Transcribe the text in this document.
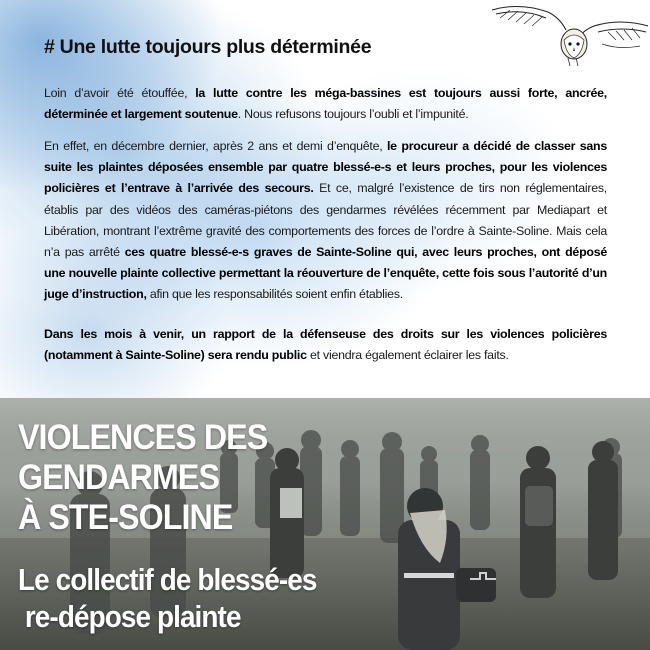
# Une lutte toujours plus déterminée

Loin d’avoir été étouffée, la lutte contre les méga-bassines est toujours aussi forte, ancrée, déterminée et largement soutenue. Nous refusons toujours l’oubli et l’impunité.

En effet, en décembre dernier, après 2 ans et demi d’enquête, le procureur a décidé de classer sans suite les plaintes déposées ensemble par quatre blessé-e-s et leurs proches, pour les violences policières et l’entrave à l’arrivée des secours. Et ce, malgré l’existence de tirs non réglementaires, établis par des vidéos des caméras-piétons des gendarmes révélées récemment par Mediapart et Libération, montrant l’extrême gravité des comportements des forces de l’ordre à Sainte-Soline. Mais cela n’a pas arrêté ces quatre blessé-e-s graves de Sainte-Soline qui, avec leurs proches, ont déposé une nouvelle plainte collective permettant la réouverture de l’enquête, cette fois sous l’autorité d’un juge d’instruction, afin que les responsabilités soient enfin établies.

Dans les mois à venir, un rapport de la défenseuse des droits sur les violences policières (notamment à Sainte-Soline) sera rendu public et viendra également éclairer les faits.

VIOLENCES DES
GENDARMES
À STE-SOLINE
Le collectif de blessé-es
re-dépose plainte
